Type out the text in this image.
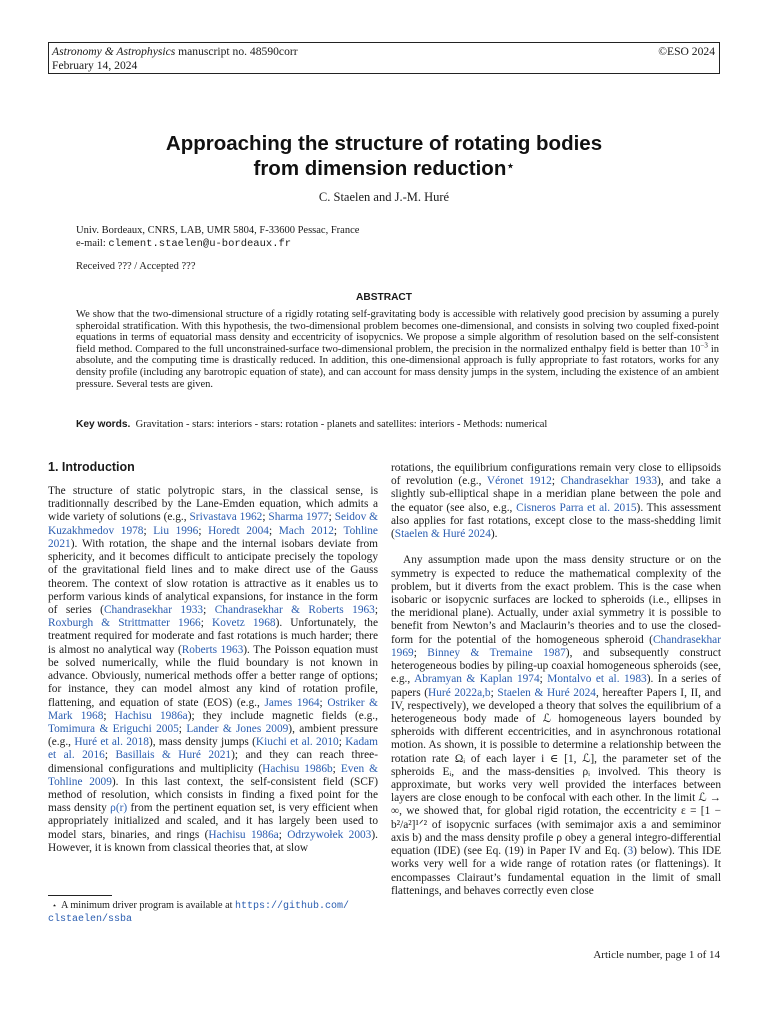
Astronomy & Astrophysics manuscript no. 48590corr
February 14, 2024
©ESO 2024
Approaching the structure of rotating bodies
from dimension reduction⋆
C. Staelen and J.-M. Huré
Univ. Bordeaux, CNRS, LAB, UMR 5804, F-33600 Pessac, France
e-mail: clement.staelen@u-bordeaux.fr
Received ??? / Accepted ???
ABSTRACT
We show that the two-dimensional structure of a rigidly rotating self-gravitating body is accessible with relatively good precision by assuming a purely spheroidal stratification. With this hypothesis, the two-dimensional problem becomes one-dimensional, and consists in solving two coupled fixed-point equations in terms of equatorial mass density and eccentricity of isopycnics. We propose a simple algorithm of resolution based on the self-consistent field method. Compared to the full unconstrained-surface two-dimensional problem, the precision in the normalized enthalpy field is better than $10^{-3}$ in absolute, and the computing time is drastically reduced. In addition, this one-dimensional approach is fully appropriate to fast rotators, works for any density profile (including any barotropic equation of state), and can account for mass density jumps in the system, including the existence of an ambient pressure. Several tests are given.
Key words. Gravitation - stars: interiors - stars: rotation - planets and satellites: interiors - Methods: numerical
1. Introduction

The structure of static polytropic stars, in the classical sense, is traditionnally described by the Lane-Emden equation, which admits a wide variety of solutions (e.g., Srivastava 1962; Sharma 1977; Seidov & Kuzakhmedov 1978; Liu 1996; Horedt 2004; Mach 2012; Tohline 2021). With rotation, the shape and the internal isobars deviate from sphericity, and it becomes difficult to anticipate precisely the topology of the gravitational field lines and to make direct use of the Gauss theorem. The context of slow rotation is attractive as it enables us to perform various kinds of analytical expansions, for instance in the form of series (Chandrasekhar 1933; Chandrasekhar & Roberts 1963; Roxburgh & Strittmatter 1966; Kovetz 1968). Unfortunately, the treatment required for moderate and fast rotations is much harder; there is almost no analytical way (Roberts 1963). The Poisson equation must be solved numerically, while the fluid boundary is not known in advance. Obviously, numerical methods offer a better range of options; for instance, they can model almost any kind of rotation profile, flattening, and equation of state (EOS) (e.g., James 1964; Ostriker & Mark 1968; Hachisu 1986a); they include magnetic fields (e.g., Tomimura & Eriguchi 2005; Lander & Jones 2009), ambient pressure (e.g., Huré et al. 2018), mass density jumps (Kiuchi et al. 2010; Kadam et al. 2016; Basillais & Huré 2021); and they can reach three-dimensional configurations and multiplicity (Hachisu 1986b; Even & Tohline 2009). In this last context, the self-consistent field (SCF) method of resolution, which consists in finding a fixed point for the mass density ρ(r) from the pertinent equation set, is very efficient when appropriately initialized and scaled, and it has largely been used to model stars, binaries, and rings (Hachisu 1986a; Odrzywołek 2003). However, it is known from classical theories that, at slow

rotations, the equilibrium configurations remain very close to ellipsoids of revolution (e.g., Véronet 1912; Chandrasekhar 1933), and take a slightly sub-elliptical shape in a meridian plane between the pole and the equator (see also, e.g., Cisneros Parra et al. 2015). This assessment also applies for fast rotations, except close to the mass-shedding limit (Staelen & Huré 2024).

Any assumption made upon the mass density structure or on the symmetry is expected to reduce the mathematical complexity of the problem, but it diverts from the exact problem. This is the case when isobaric or isopycnic surfaces are locked to spheroids (i.e., ellipses in the meridional plane). Actually, under axial symmetry it is possible to benefit from Newton’s and Maclaurin’s theories and to use the closed-form for the potential of the homogeneous spheroid (Chandrasekhar 1969; Binney & Tremaine 1987), and subsequently construct heterogeneous bodies by piling-up coaxial homogeneous spheroids (see, e.g., Abramyan & Kaplan 1974; Montalvo et al. 1983). In a series of papers (Huré 2022a,b; Staelen & Huré 2024, hereafter Papers I, II, and IV, respectively), we developed a theory that solves the equilibrium of a heterogeneous body made of ℒ homogeneous layers bounded by spheroids with different eccentricities, and in asynchronous rotational motion. As shown, it is possible to determine a relationship between the rotation rate Ωᵢ of each layer i ∈ [1, ℒ], the parameter set of the spheroids Eᵢ, and the mass-densities ρᵢ involved. This theory is approximate, but works very well provided the interfaces between layers are close enough to be confocal with each other. In the limit ℒ → ∞, we showed that, for global rigid rotation, the eccentricity ε = [1 − b²/a²]¹ᐟ² of isopycnic surfaces (with semimajor axis a and semiminor axis b) and the mass density profile ρ obey a general integro-differential equation (IDE) (see Eq. (19) in Paper IV and Eq. (3) below). This IDE works very well for a wide range of rotation rates (or flattenings). It encompasses Clairaut’s fundamental equation in the limit of small flattenings, and behaves correctly even close

⋆ A minimum driver program is available at https://github.com/
clstaelen/ssba
Article number, page 1 of 14
